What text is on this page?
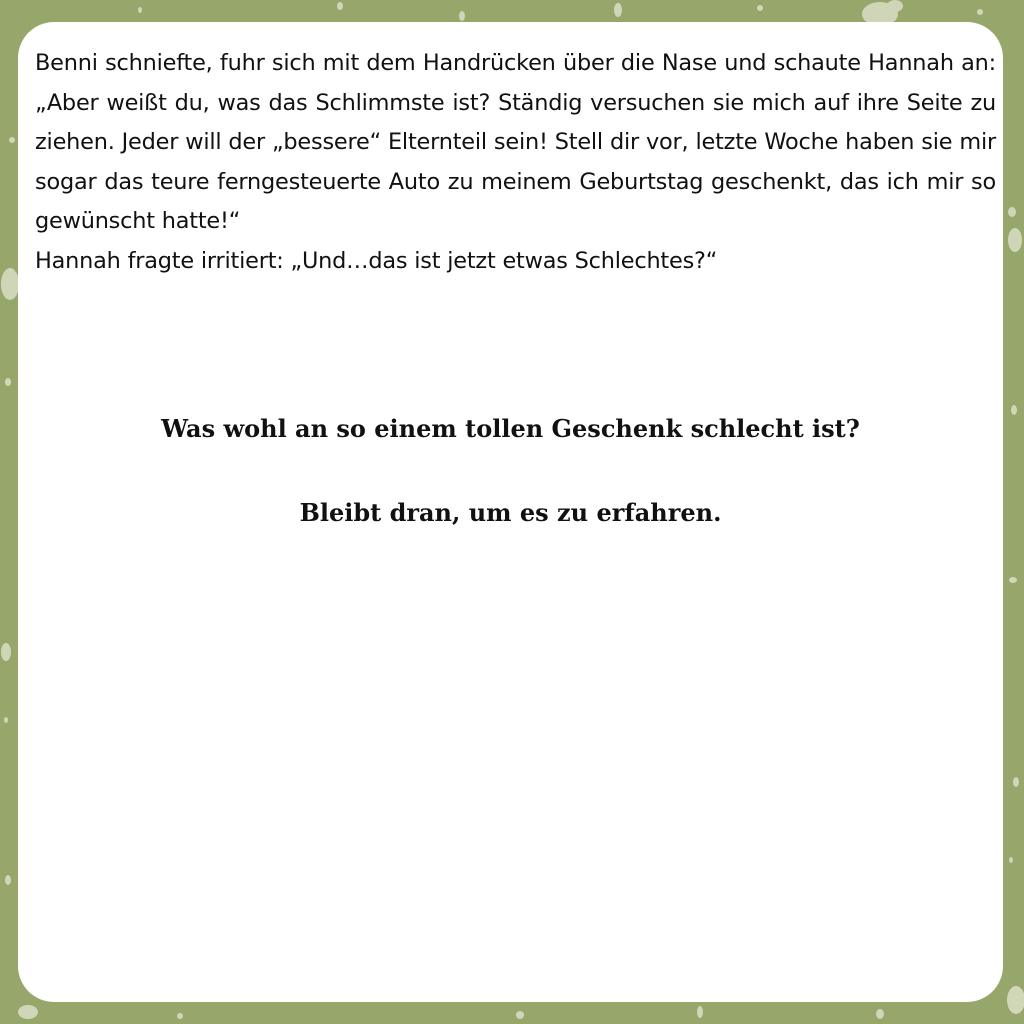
Benni schniefte, fuhr sich mit dem Handrücken über die Nase und schaute Hannah an: „Aber weißt du, was das Schlimmste ist? Ständig versuchen sie mich auf ihre Seite zu ziehen. Jeder will der „bessere“ Elternteil sein! Stell dir vor, letzte Woche haben sie mir sogar das teure ferngesteuerte Auto zu meinem Geburtstag geschenkt, das ich mir so gewünscht hatte!“

Hannah fragte irritiert: „Und…das ist jetzt etwas Schlechtes?“

Was wohl an so einem tollen Geschenk schlecht ist?

Bleibt dran, um es zu erfahren.
